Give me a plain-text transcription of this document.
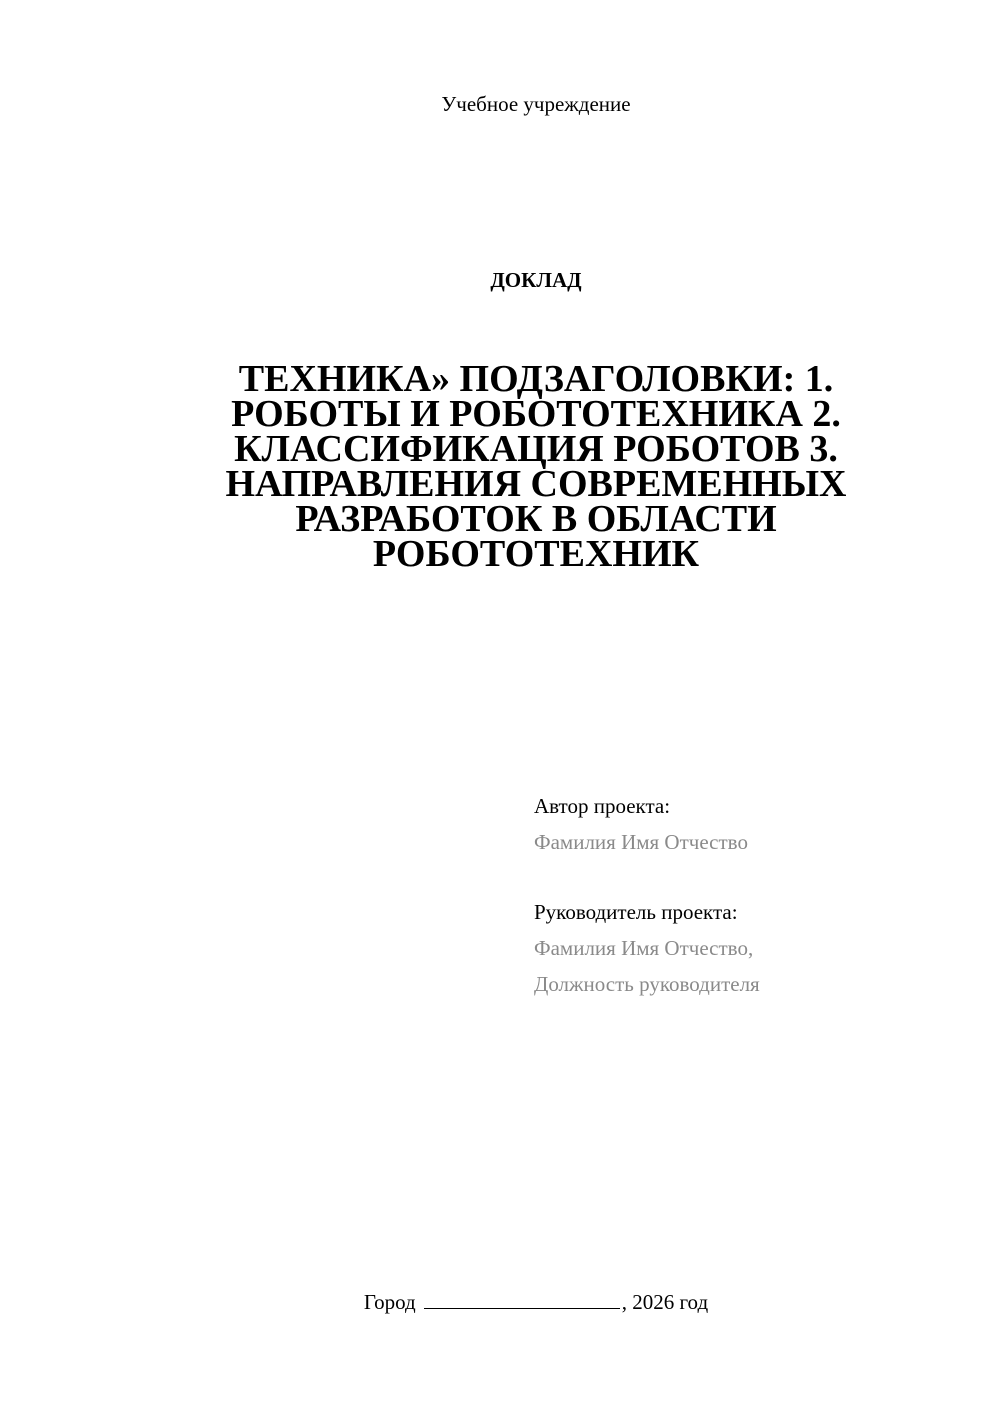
Учебное учреждение
ДОКЛАД
ТЕХНИКА» ПОДЗАГОЛОВКИ: 1.
РОБОТЫ И РОБОТОТЕХНИКА 2.
КЛАССИФИКАЦИЯ РОБОТОВ 3.
НАПРАВЛЕНИЯ СОВРЕМЕННЫХ
РАЗРАБОТОК В ОБЛАСТИ
РОБОТОТЕХНИК
Автор проекта:
Фамилия Имя Отчество
Руководитель проекта:
Фамилия Имя Отчество,
Должность руководителя
Город	, 2026 год
